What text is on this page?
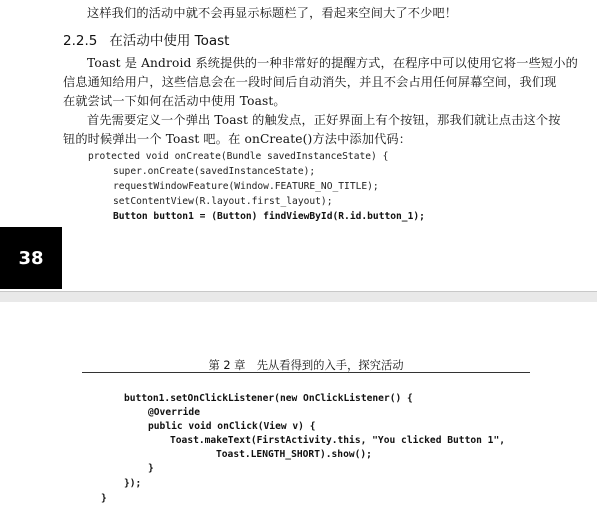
这样我们的活动中就不会再显示标题栏了，看起来空间大了不少吧！
2.2.5 在活动中使用 Toast
Toast 是 Android 系统提供的一种非常好的提醒方式，在程序中可以使用它将一些短小的
信息通知给用户，这些信息会在一段时间后自动消失，并且不会占用任何屏幕空间，我们现
在就尝试一下如何在活动中使用 Toast。
首先需要定义一个弹出 Toast 的触发点，正好界面上有个按钮，那我们就让点击这个按
钮的时候弹出一个 Toast 吧。在 onCreate()方法中添加代码：
protected void onCreate(Bundle savedInstanceState) {
super.onCreate(savedInstanceState);
requestWindowFeature(Window.FEATURE_NO_TITLE);
setContentView(R.layout.first_layout);
Button button1 = (Button) findViewById(R.id.button_1);
38
第 2 章　先从看得到的入手，探究活动
button1.setOnClickListener(new OnClickListener() {
@Override
public void onClick(View v) {
Toast.makeText(FirstActivity.this, "You clicked Button 1",
Toast.LENGTH_SHORT).show();
}
});
}
